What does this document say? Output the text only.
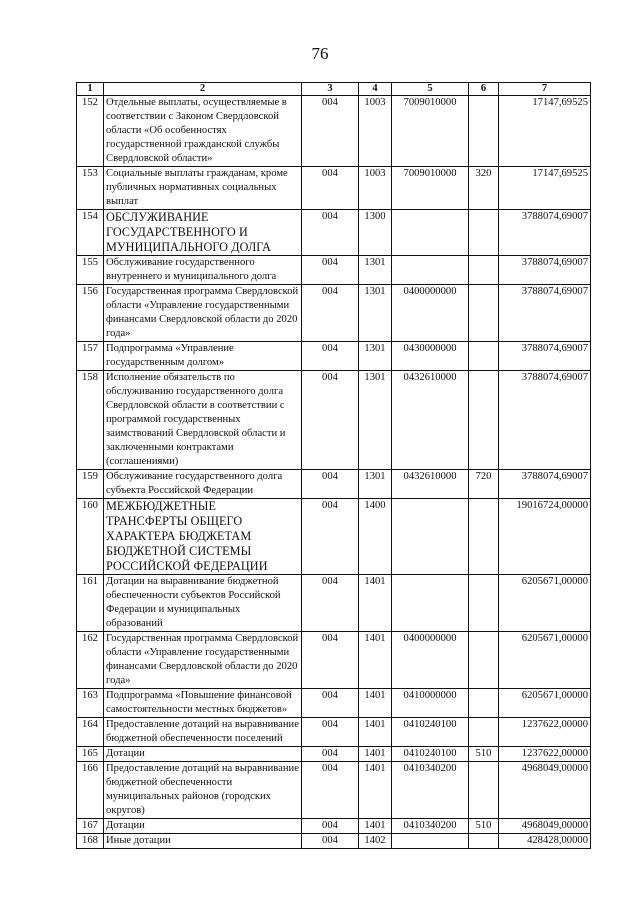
76
1	2	3	4	5	6	7
152	Отдельные выплаты, осуществляемые в соответствии с Законом Свердловской области «Об особенностях государственной гражданской службы Свердловской области»	004	1003	7009010000		17147,69525
153	Социальные выплаты гражданам, кроме публичных нормативных социальных выплат	004	1003	7009010000	320	17147,69525
154	ОБСЛУЖИВАНИЕ ГОСУДАРСТВЕННОГО И МУНИЦИПАЛЬНОГО ДОЛГА	004	1300			3788074,69007
155	Обслуживание государственного внутреннего и муниципального долга	004	1301			3788074,69007
156	Государственная программа Свердловской области «Управление государственными финансами Свердловской области до 2020 года»	004	1301	0400000000		3788074,69007
157	Подпрограмма «Управление государственным долгом»	004	1301	0430000000		3788074,69007
158	Исполнение обязательств по обслуживанию государственного долга Свердловской области в соответствии с программой государственных заимствований Свердловской области и заключенными контрактами (соглашениями)	004	1301	0432610000		3788074,69007
159	Обслуживание государственного долга субъекта Российской Федерации	004	1301	0432610000	720	3788074,69007
160	МЕЖБЮДЖЕТНЫЕ ТРАНСФЕРТЫ ОБЩЕГО ХАРАКТЕРА БЮДЖЕТАМ БЮДЖЕТНОЙ СИСТЕМЫ РОССИЙСКОЙ ФЕДЕРАЦИИ	004	1400			19016724,00000
161	Дотации на выравнивание бюджетной обеспеченности субъектов Российской Федерации и муниципальных образований	004	1401			6205671,00000
162	Государственная программа Свердловской области «Управление государственными финансами Свердловской области до 2020 года»	004	1401	0400000000		6205671,00000
163	Подпрограмма «Повышение финансовой самостоятельности местных бюджетов»	004	1401	0410000000		6205671,00000
164	Предоставление дотаций на выравнивание бюджетной обеспеченности поселений	004	1401	0410240100		1237622,00000
165	Дотации	004	1401	0410240100	510	1237622,00000
166	Предоставление дотаций на выравнивание бюджетной обеспеченности муниципальных районов (городских округов)	004	1401	0410340200		4968049,00000
167	Дотации	004	1401	0410340200	510	4968049,00000
168	Иные дотации	004	1402			428428,00000
